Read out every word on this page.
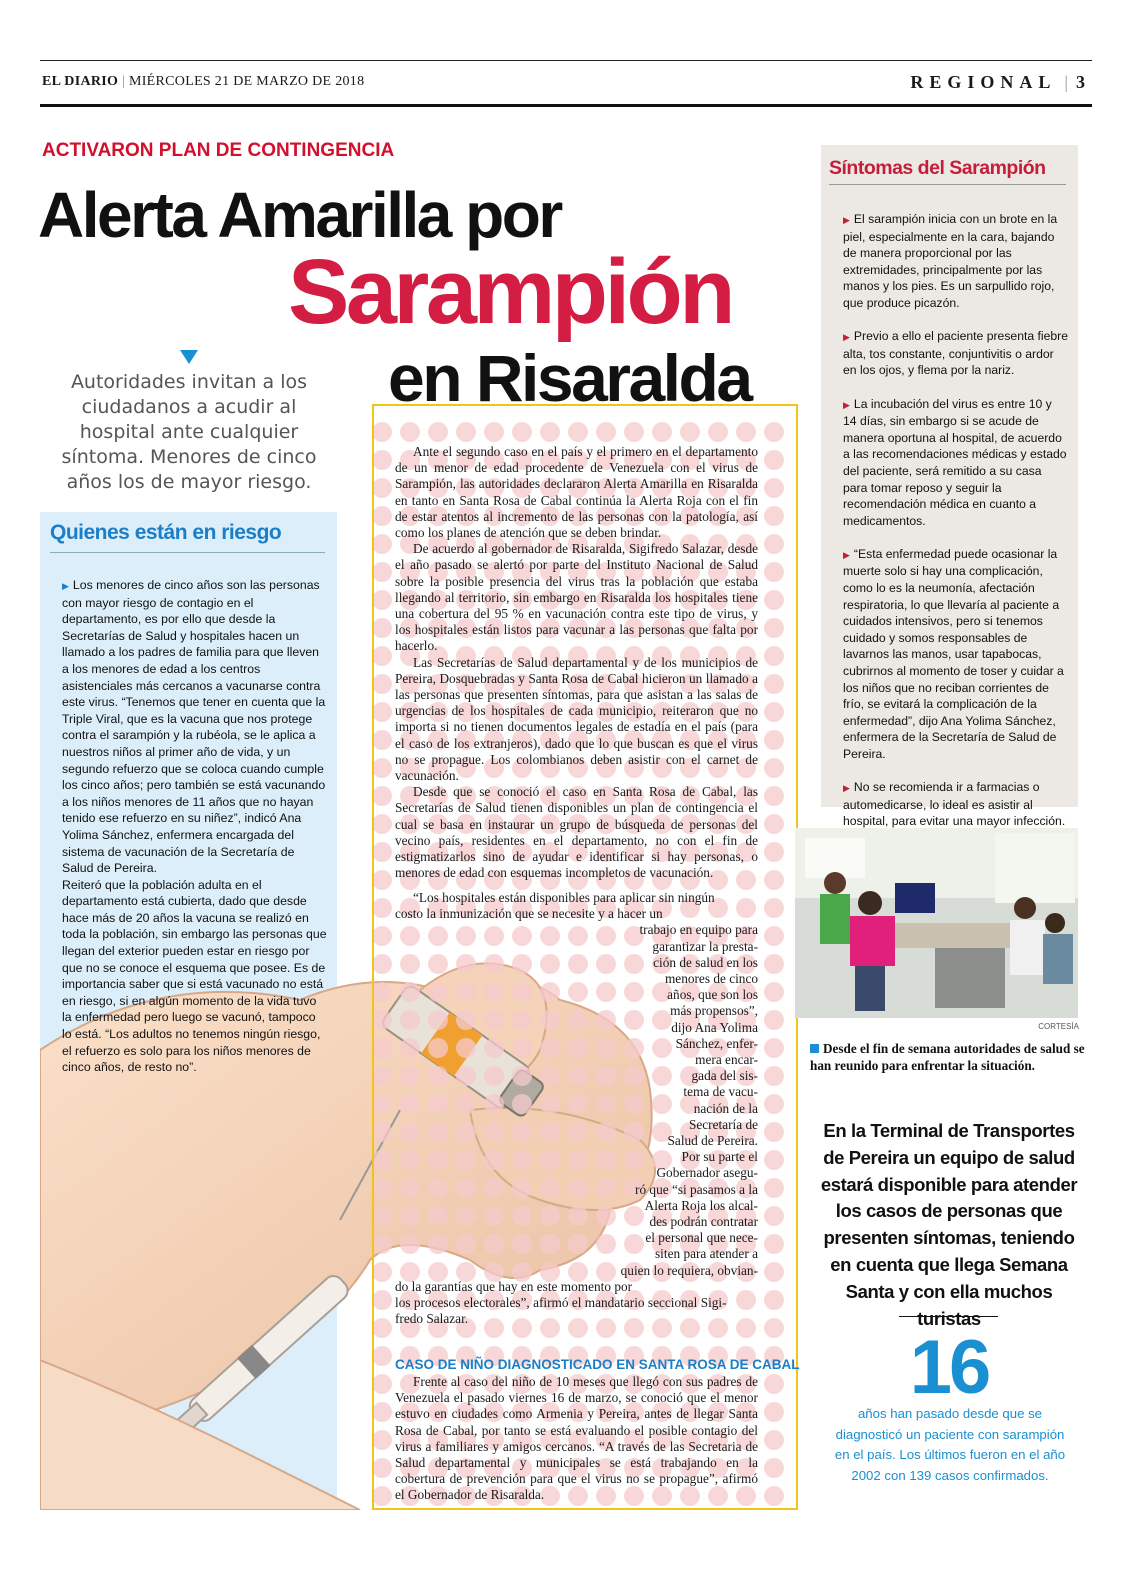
EL DIARIO | MIÉRCOLES 21 DE MARZO DE 2018	REGIONAL | 3
ACTIVARON PLAN DE CONTINGENCIA
Alerta Amarilla por
Sarampión
en Risaralda
Autoridades invitan a los ciudadanos a acudir al hospital ante cualquier síntoma. Menores de cinco años los de mayor riesgo.
Quienes están en riesgo
▶ Los menores de cinco años son las personas con mayor riesgo de contagio en el departamento, es por ello que desde la Secretarías de Salud y hospitales hacen un llamado a los padres de familia para que lleven a los menores de edad a los centros asistenciales más cercanos a vacunarse contra este virus. “Tenemos que tener en cuenta que la Triple Viral, que es la vacuna que nos protege contra el sarampión y la rubéola, se le aplica a nuestros niños al primer año de vida, y un segundo refuerzo que se coloca cuando cumple los cinco años; pero también se está vacunando a los niños menores de 11 años que no hayan tenido ese refuerzo en su niñez”, indicó Ana Yolima Sánchez, enfermera encargada del sistema de vacunación de la Secretaría de Salud de Pereira.
Reiteró que la población adulta en el departamento está cubierta, dado que desde hace más de 20 años la vacuna se realizó en toda la población, sin embargo las personas que llegan del exterior pueden estar en riesgo por que no se conoce el esquema que posee. Es de importancia saber que si está vacunado no está en riesgo, si en algún momento de la vida tuvo la enfermedad pero luego se vacunó, tampoco lo está. “Los adultos no tenemos ningún riesgo, el refuerzo es solo para los niños menores de cinco años, de resto no”.

Ante el segundo caso en el país y el primero en el departamento de un menor de edad procedente de Venezuela con el virus de Sarampión, las autoridades declararon Alerta Amarilla en Risaralda en tanto en Santa Rosa de Cabal continúa la Alerta Roja con el fin de estar atentos al incremento de las personas con la patología, así como los planes de atención que se deben brindar.

De acuerdo al gobernador de Risaralda, Sigifredo Salazar, desde el año pasado se alertó por parte del Instituto Nacional de Salud sobre la posible presencia del virus tras la población que estaba llegando al territorio, sin embargo en Risaralda los hospitales tiene una cobertura del 95 % en vacunación contra este tipo de virus, y los hospitales están listos para vacunar a las personas que falta por hacerlo.

Las Secretarías de Salud departamental y de los municipios de Pereira, Dosquebradas y Santa Rosa de Cabal hicieron un llamado a las personas que presenten síntomas, para que asistan a las salas de urgencias de los hospitales de cada municipio, reiteraron que no importa si no tienen documentos legales de estadía en el país (para el caso de los extranjeros), dado que lo que buscan es que el virus no se propague. Los colombianos deben asistir con el carnet de vacunación.

Desde que se conoció el caso en Santa Rosa de Cabal, las Secretarías de Salud tienen disponibles un plan de contingencia el cual se basa en instaurar un grupo de búsqueda de personas del vecino país, residentes en el departamento, no con el fin de estigmatizarlos sino de ayudar e identificar si hay personas, o menores de edad con esquemas incompletos de vacunación.

“Los hospitales están disponibles para aplicar sin ningún
costo la inmunización que se necesite y a hacer un
trabajo en equipo para
garantizar la presta-
ción de salud en los
menores de cinco
años, que son los
más propensos”,
dijo Ana Yolima
Sánchez, enfer-
mera encar-
gada del sis-
tema de vacu-
nación de la
Secretaría de
Salud de Pereira.
Por su parte el
Gobernador asegu-
ró que “si pasamos a la
Alerta Roja los alcal-
des podrán contratar
el personal que nece-
siten para atender a
quien lo requiera, obvian-
do la garantías que hay en este momento por
los procesos electorales”, afirmó el mandatario seccional Sigi-
fredo Salazar.
CASO DE NIÑO DIAGNOSTICADO EN SANTA ROSA DE CABAL

Frente al caso del niño de 10 meses que llegó con sus padres de Venezuela el pasado viernes 16 de marzo, se conoció que el menor estuvo en ciudades como Armenia y Pereira, antes de llegar Santa Rosa de Cabal, por tanto se está evaluando el posible contagio del virus a familiares y amigos cercanos. “A través de las Secretaria de Salud departamental y municipales se está trabajando en la cobertura de prevención para que el virus no se propague”, afirmó el Gobernador de Risaralda.

Síntomas del Sarampión
▶ El sarampión inicia con un brote en la piel, especialmente en la cara, bajando de manera proporcional por las extremidades, principalmente por las manos y los pies. Es un sarpullido rojo, que produce picazón.
▶ Previo a ello el paciente presenta fiebre alta, tos constante, conjuntivitis o ardor en los ojos, y flema por la nariz.
▶ La incubación del virus es entre 10 y 14 días, sin embargo si se acude de manera oportuna al hospital, de acuerdo a las recomendaciones médicas y estado del paciente, será remitido a su casa para tomar reposo y seguir la recomendación médica en cuanto a medicamentos.
▶ “Esta enfermedad puede ocasionar la muerte solo si hay una complicación, como lo es la neumonía, afectación respiratoria, lo que llevaría al paciente a cuidados intensivos, pero si tenemos cuidado y somos responsables de lavarnos las manos, usar tapabocas, cubrirnos al momento de toser y cuidar a los niños que no reciban corrientes de frío, se evitará la complicación de la enfermedad”, dijo Ana Yolima Sánchez, enfermera de la Secretaría de Salud de Pereira.
▶ No se recomienda ir a farmacias o automedicarse, lo ideal es asistir al hospital, para evitar una mayor infección.
CORTESÍA
Desde el fin de semana autoridades de salud se han reunido para enfrentar la situación.
En la Terminal de Transportes de Pereira un equipo de salud estará disponible para atender los casos de personas que presenten síntomas, teniendo en cuenta que llega Semana Santa y con ella muchos turistas
16
años han pasado desde que se diagnosticó un paciente con sarampión en el país. Los últimos fueron en el año 2002 con 139 casos confirmados.
